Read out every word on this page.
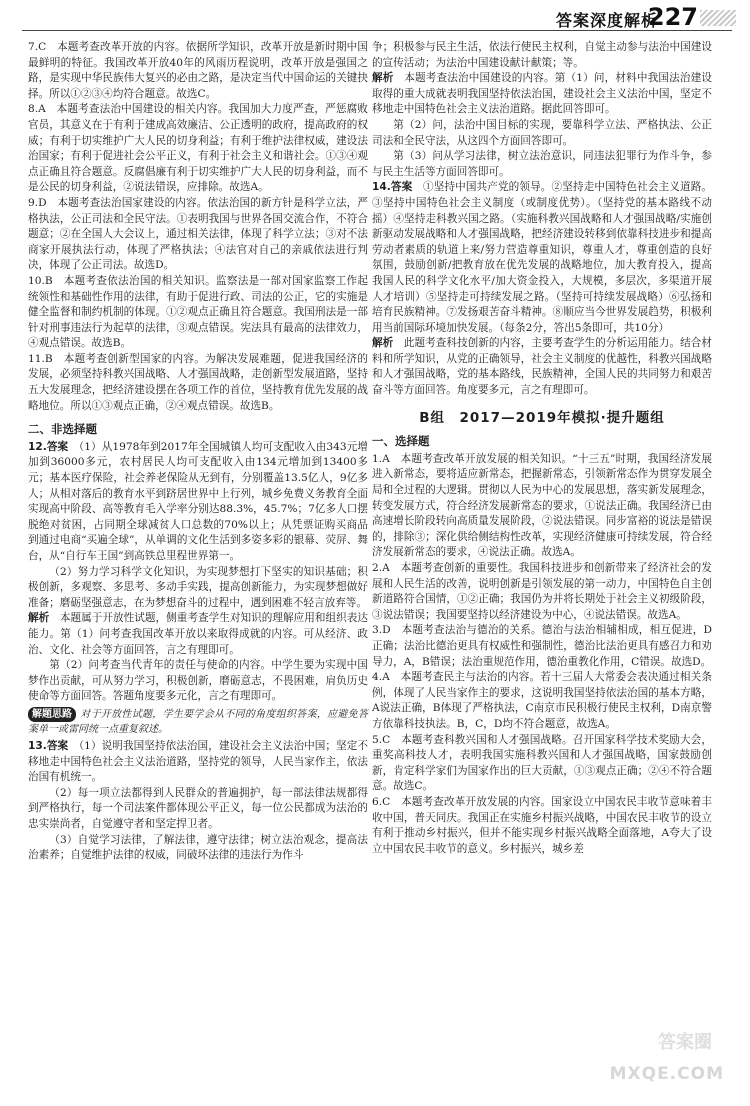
答案深度解析
227

7.C　本题考查改革开放的内容。依据所学知识，改革开放是新时期中国最鲜明的特征。我国改革开放40年的风雨历程说明，改革开放是强国之路，是实现中华民族伟大复兴的必由之路，是决定当代中国命运的关键抉择。所以①②③④均符合题意。故选C。

8.A　本题考查法治中国建设的相关内容。我国加大力度严查，严惩腐败官员，其意义在于有利于建成高效廉洁、公正透明的政府，提高政府的权威；有利于切实维护广大人民的切身利益；有利于维护法律权威，建设法治国家；有利于促进社会公平正义，有利于社会主义和谐社会。①③④观点正确且符合题意。反腐倡廉有利于切实维护广大人民的切身利益，而不是公民的切身利益，②说法错误，应排除。故选A。

9.D　本题考查法治国家建设的内容。依法治国的新方针是科学立法，严格执法，公正司法和全民守法。①表明我国与世界各国交流合作，不符合题意；②在全国人大会议上，通过相关法律，体现了科学立法；③对不法商家开展执法行动，体现了严格执法；④法官对自己的亲戚依法进行判决，体现了公正司法。故选D。

10.B　本题考查依法治国的相关知识。监察法是一部对国家监察工作起统领性和基础性作用的法律，有助于促进行政、司法的公正，它的实施是健全监督和制约机制的体现。①②观点正确且符合题意。我国刑法是一部针对刑事违法行为起草的法律，③观点错误。宪法具有最高的法律效力，④观点错误。故选B。

11.B　本题考查创新型国家的内容。为解决发展难题，促进我国经济的发展，必须坚持科教兴国战略、人才强国战略，走创新型发展道路，坚持五大发展理念，把经济建设摆在各项工作的首位，坚持教育优先发展的战略地位。所以①③观点正确，②④观点错误。故选B。

二、非选择题

12.答案　 （1）从1978年到2017年全国城镇人均可支配收入由343元增加到36000多元，农村居民人均可支配收入由134元增加到13400多元；基本医疗保险，社会养老保险从无到有，分别覆盖13.5亿人，9亿多人；从相对落后的教育水平到跻居世界中上行列，城乡免费义务教育全面实现高中阶段、高等教育毛入学率分别达88.3%，45.7%；7亿多人口摆脱绝对贫困，占同期全球减贫人口总数的70%以上；从凭票证购买商品到通过电商“买遍全球”，从单调的文化生活到多姿多彩的银幕、荧屏、舞台，从“自行车王国”到高铁总里程世界第一。

（2）努力学习科学文化知识，为实现梦想打下坚实的知识基础；积极创新，多观察、多思考、多动手实践，提高创新能力，为实现梦想做好准备；磨砺坚强意志，在为梦想奋斗的过程中，遇到困难不轻言放弃等。

解析　 本题属于开放性试题，侧重考查学生对知识的理解应用和组织表达能力。第（1）问考查我国改革开放以来取得成就的内容。可从经济、政治、文化、社会等方面回答，言之有理即可。

第（2）问考查当代青年的责任与使命的内容。中学生要为实现中国梦作出贡献，可从努力学习，积极创新，磨砺意志，不畏困难，肩负历史使命等方面回答。答题角度要多元化，言之有理即可。

解题思路 对于开放性试题，学生要学会从不同的角度组织答案，应避免答案单一或雷同统一点重复叙述。

13.答案　 （1）说明我国坚持依法治国，建设社会主义法治中国；坚定不移地走中国特色社会主义法治道路，坚持党的领导，人民当家作主，依法治国有机统一。

（2）每一项立法都得到人民群众的普遍拥护，每一部法律法规都得到严格执行，每一个司法案件都体现公平正义，每一位公民都成为法治的忠实崇尚者，自觉遵守者和坚定捍卫者。

（3）自觉学习法律，了解法律，遵守法律；树立法治观念，提高法治素养；自觉维护法律的权威，同破坏法律的违法行为作斗

争；积极参与民主生活，依法行使民主权利，自觉主动参与法治中国建设的宣传活动；为法治中国建设献计献策；等。

解析　 本题考查法治中国建设的内容。第（1）问，材料中我国法治建设取得的重大成就表明我国坚持依法治国，建设社会主义法治中国，坚定不移地走中国特色社会主义法治道路。据此回答即可。

第（2）问，法治中国目标的实现，要靠科学立法、严格执法、公正司法和全民守法，从这四个方面回答即可。

第（3）问从学习法律，树立法治意识，同违法犯罪行为作斗争，参与民主生活等方面回答即可。

14.答案　 ①坚持中国共产党的领导。②坚持走中国特色社会主义道路。③坚持中国特色社会主义制度（或制度优势）。（坚持党的基本路线不动摇）④坚持走科教兴国之路。（实施科教兴国战略和人才强国战略/实施创新驱动发展战略和人才强国战略，把经济建设转移到依靠科技进步和提高劳动者素质的轨道上来/努力营造尊重知识，尊重人才，尊重创造的良好氛围，鼓励创新/把教育放在优先发展的战略地位，加大教育投入，提高我国人民的科学文化水平/加大资金投入，大规模，多层次，多渠道开展人才培训）⑤坚持走可持续发展之路。（坚持可持续发展战略）⑥弘扬和培育民族精神。⑦发扬艰苦奋斗精神。⑧顺应当今世界发展趋势，积极利用当前国际环境加快发展。（每条2分，答出5条即可，共10分）

解析　 此题考查科技创新的内容，主要考查学生的分析运用能力。结合材料和所学知识，从党的正确领导，社会主义制度的优越性，科教兴国战略和人才强国战略，党的基本路线，民族精神，全国人民的共同努力和艰苦奋斗等方面回答。角度要多元，言之有理即可。

B组　2017—2019年模拟·提升题组
一、选择题

1.A　本题考查改革开放发展的相关知识。“十三五”时期，我国经济发展进入新常态，要将适应新常态，把握新常态，引领新常态作为贯穿发展全局和全过程的大逻辑。贯彻以人民为中心的发展思想，落实新发展理念，转变发展方式，符合经济发展新常态的要求，①说法正确。我国经济已由高速增长阶段转向高质量发展阶段，②说法错误。同步富裕的说法是错误的，排除③；深化供给侧结构性改革，实现经济健康可持续发展，符合经济发展新常态的要求，④说法正确。故选A。

2.A　本题考查创新的重要性。我国科技进步和创新带来了经济社会的发展和人民生活的改善，说明创新是引领发展的第一动力，中国特色自主创新道路符合国情，①②正确；我国仍为并将长期处于社会主义初级阶段，③说法错误；我国要坚持以经济建设为中心，④说法错误。故选A。

3.D　本题考查法治与德治的关系。德治与法治相辅相成，相互促进，D正确；法治比德治更具有权威性和强制性，德治比法治更具有感召力和劝导力，A，B错误；法治重规范作用，德治重教化作用，C错误。故选D。

4.A　本题考查民主与法治的内容。若十三届人大常委会表决通过相关条例，体现了人民当家作主的要求，这说明我国坚持依法治国的基本方略，A说法正确，B体现了严格执法，C南京市民积极行使民主权利，D南京警方依靠科技执法。B，C，D均不符合题意，故选A。

5.C　本题考查科教兴国和人才强国战略。召开国家科学技术奖励大会，重奖高科技人才，表明我国实施科教兴国和人才强国战略，国家鼓励创新，肯定科学家们为国家作出的巨大贡献，①③观点正确；②④不符合题意。故选C。

6.C　本题考查改革开放发展的内容。国家设立中国农民丰收节意味着丰收中国，普天同庆。我国正在实施乡村振兴战略，中国农民丰收节的设立有利于推动乡村振兴，但并不能实现乡村振兴战略全面落地，A夸大了设立中国农民丰收节的意义。乡村振兴，城乡差

答案圈
MXQE.COM
